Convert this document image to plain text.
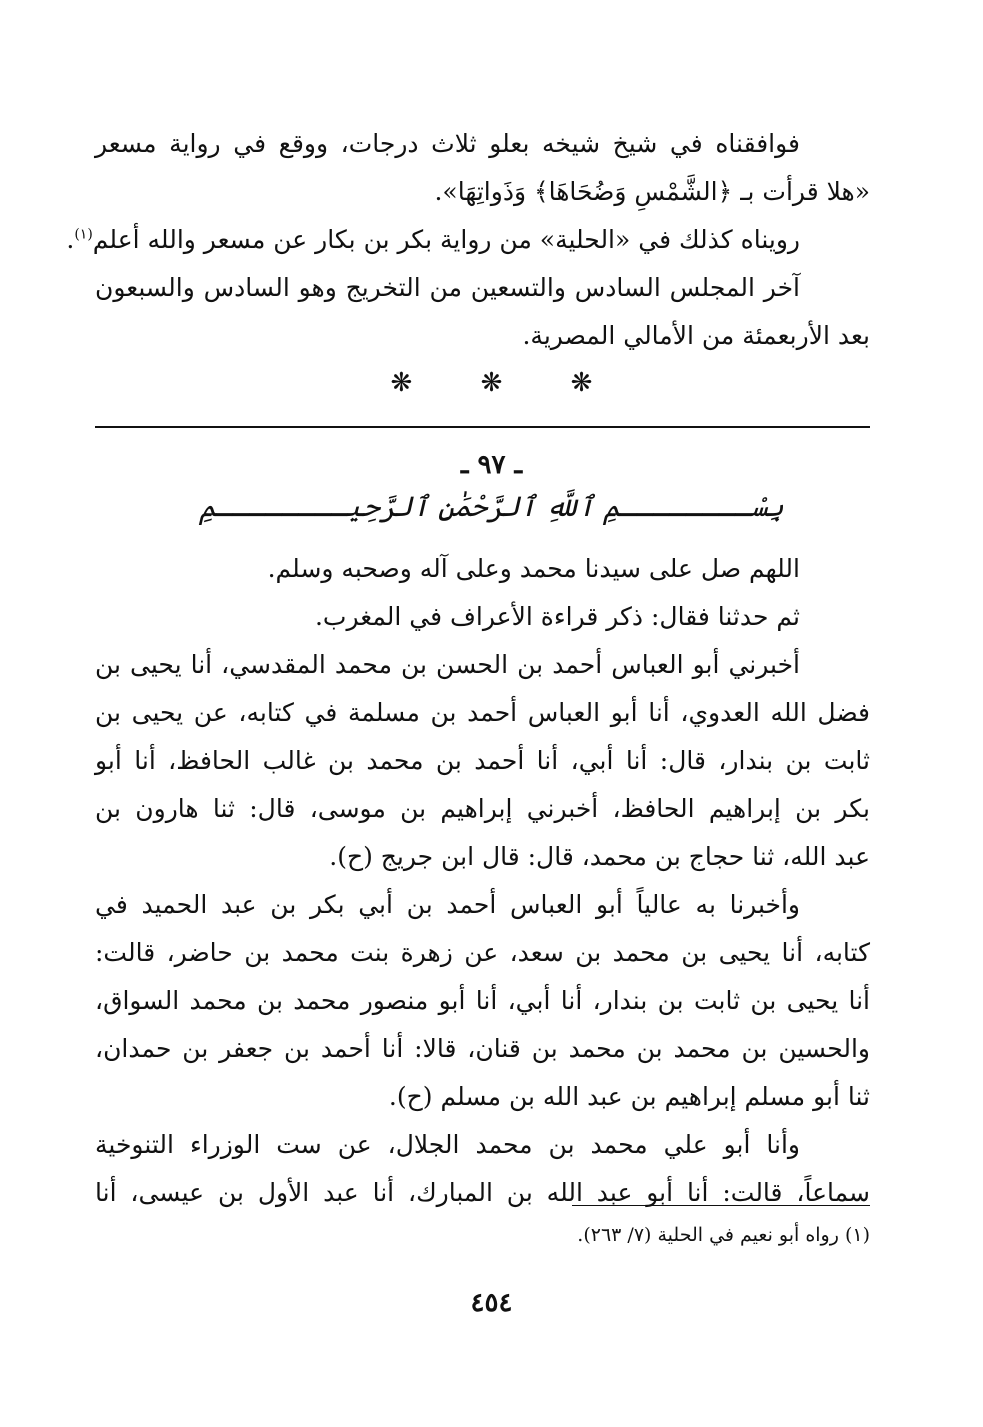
فوافقناه في شيخ شيخه بعلو ثلاث درجات، ووقع في رواية مسعر
«هلا قرأت بـ ﴿الشَّمْسِ وَضُحَاهَا﴾ وَذَواتِهَا».
رويناه كذلك في «الحلية» من رواية بكر بن بكار عن مسعر والله أعلم$^{(١)}$.
آخر المجلس السادس والتسعين من التخريج وهو السادس والسبعون
بعد الأربعمئة من الأمالي المصرية.
❋ ❋ ❋
ـ ٩٧ ـ
بِسْــــــــمِ ٱللَّهِ ٱلرَّحْمَٰنِ ٱلرَّحِيــــــــمِ
اللهم صل على سيدنا محمد وعلى آله وصحبه وسلم.
ثم حدثنا فقال: ذكر قراءة الأعراف في المغرب.
أخبرني أبو العباس أحمد بن الحسن بن محمد المقدسي، أنا يحيى بن
فضل الله العدوي، أنا أبو العباس أحمد بن مسلمة في كتابه، عن يحيى بن
ثابت بن بندار، قال: أنا أبي، أنا أحمد بن محمد بن غالب الحافظ، أنا أبو
بكر بن إبراهيم الحافظ، أخبرني إبراهيم بن موسى، قال: ثنا هارون بن
عبد الله، ثنا حجاج بن محمد، قال: قال ابن جريج (ح).
وأخبرنا به عالياً أبو العباس أحمد بن أبي بكر بن عبد الحميد في
كتابه، أنا يحيى بن محمد بن سعد، عن زهرة بنت محمد بن حاضر، قالت:
أنا يحيى بن ثابت بن بندار، أنا أبي، أنا أبو منصور محمد بن محمد السواق،
والحسين بن محمد بن محمد بن قنان، قالا: أنا أحمد بن جعفر بن حمدان،
ثنا أبو مسلم إبراهيم بن عبد الله بن مسلم (ح).
وأنا أبو علي محمد بن محمد الجلال، عن ست الوزراء التنوخية
سماعاً، قالت: أنا أبو عبد الله بن المبارك، أنا عبد الأول بن عيسى، أنا
(١) رواه أبو نعيم في الحلية (٧/ ٢٦٣).
٤٥٤
